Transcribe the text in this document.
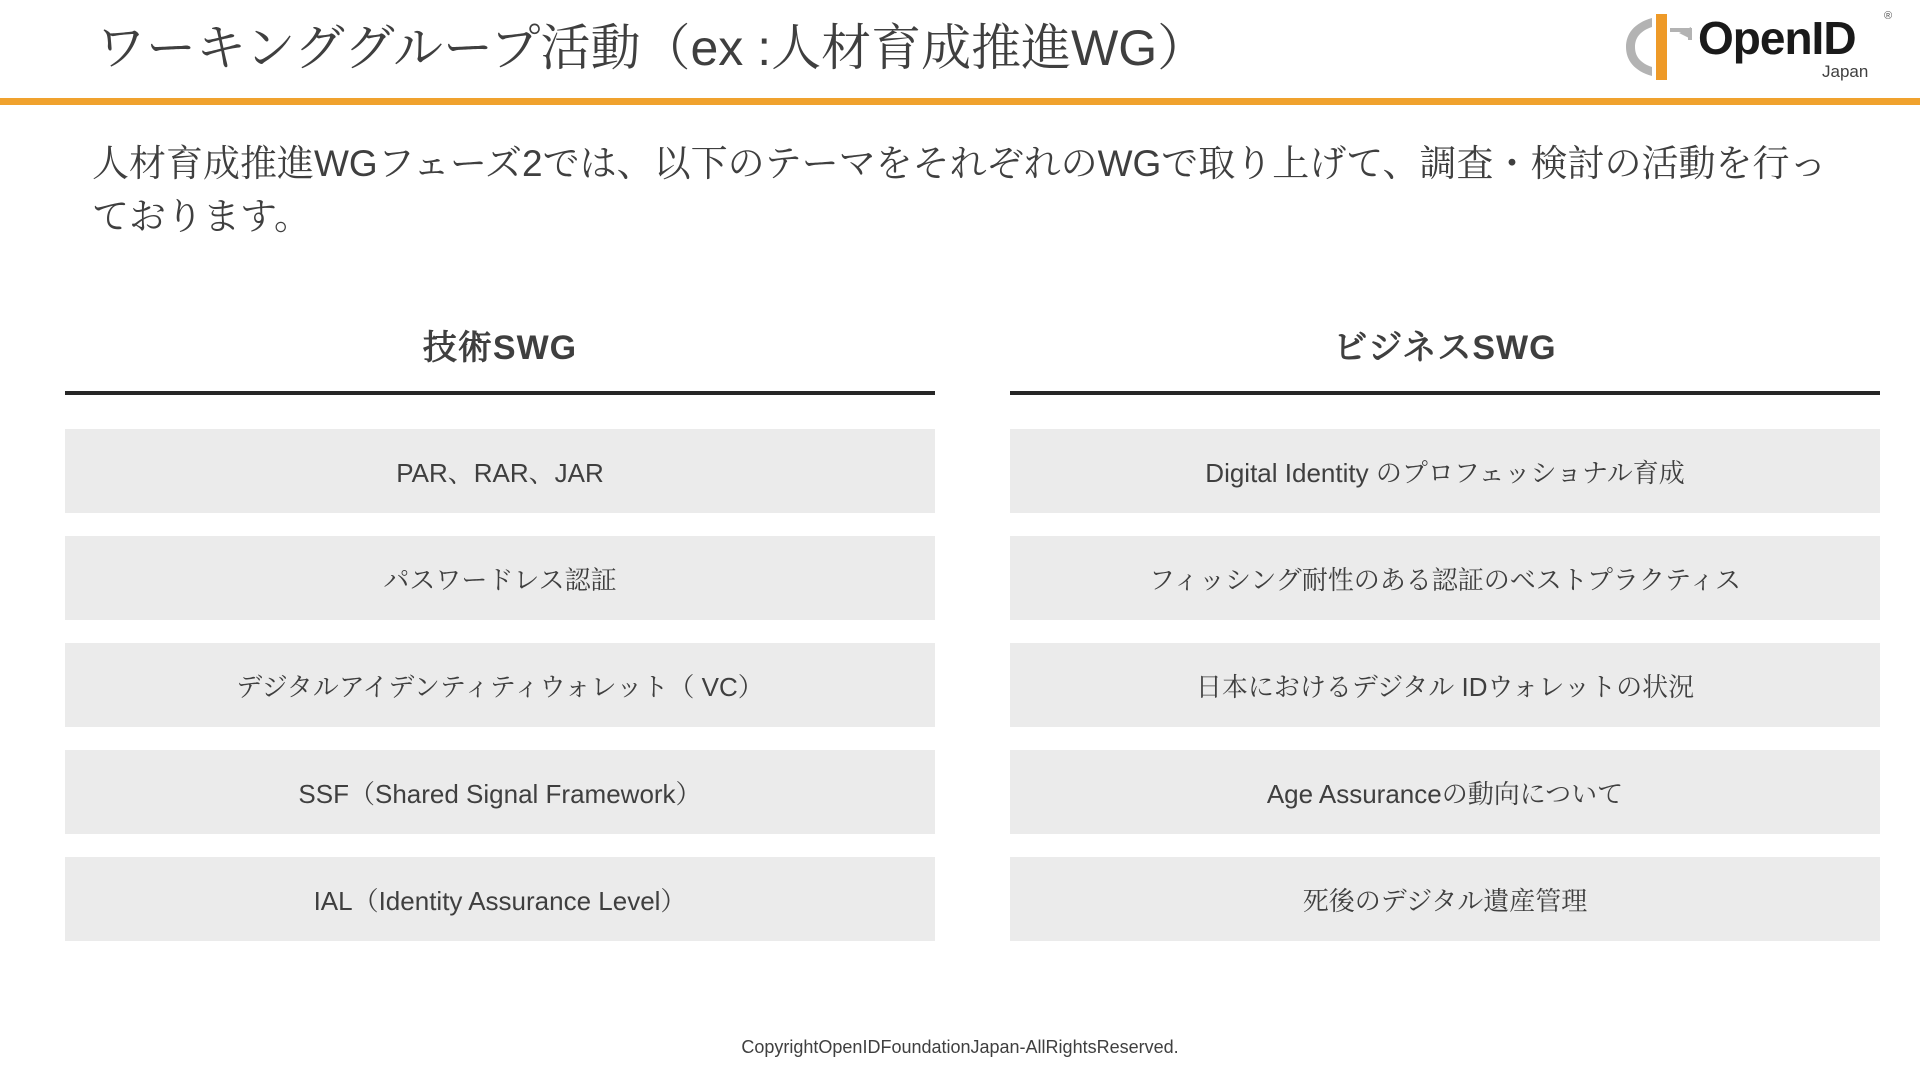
ワーキンググループ活動（ex :人材育成推進WG）	OpenID	®
Japan
人材育成推進WGフェーズ2では、以下のテーマをそれぞれのWGで取り上げて、調査・検討の活動を行っております。
技術SWG
PAR、RAR、JAR
パスワードレス認証
デジタルアイデンティティウォレット（ VC）
SSF（Shared Signal Framework）
IAL（Identity Assurance Level）
ビジネスSWG
Digital Identity のプロフェッショナル育成
フィッシング耐性のある認証のベストプラクティス
日本におけるデジタル IDウォレットの状況
Age Assuranceの動向について
死後のデジタル遺産管理
CopyrightOpenIDFoundationJapan-AllRightsReserved.
